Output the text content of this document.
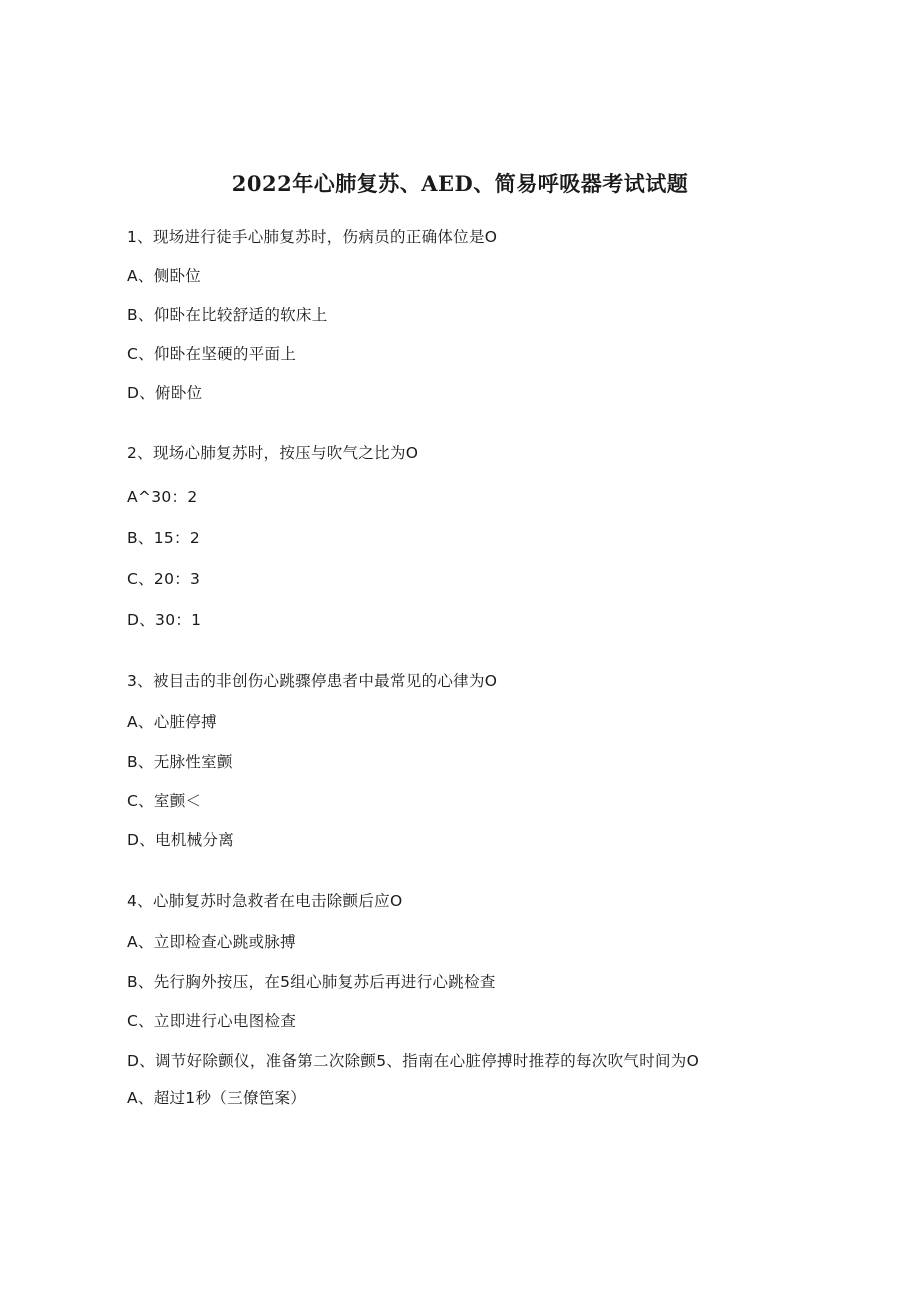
2022年心肺复苏、AED、简易呼吸器考试试题
1、现场进行徒手心肺复苏时，伤病员的正确体位是O
A、侧卧位
B、仰卧在比较舒适的软床上
C、仰卧在坚硬的平面上
D、俯卧位
2、现场心肺复苏时，按压与吹气之比为O
A^30：2
B、15：2
C、20：3
D、30：1
3、被目击的非创伤心跳骤停患者中最常见的心律为O
A、心脏停搏
B、无脉性室颤
C、室颤＜
D、电机械分离
4、心肺复苏时急救者在电击除颤后应O
A、立即检查心跳或脉搏
B、先行胸外按压，在5组心肺复苏后再进行心跳检查
C、立即进行心电图检查
D、调节好除颤仪，准备第二次除颤5、指南在心脏停搏时推荐的每次吹气时间为O
A、超过1秒（三僚笆案）
